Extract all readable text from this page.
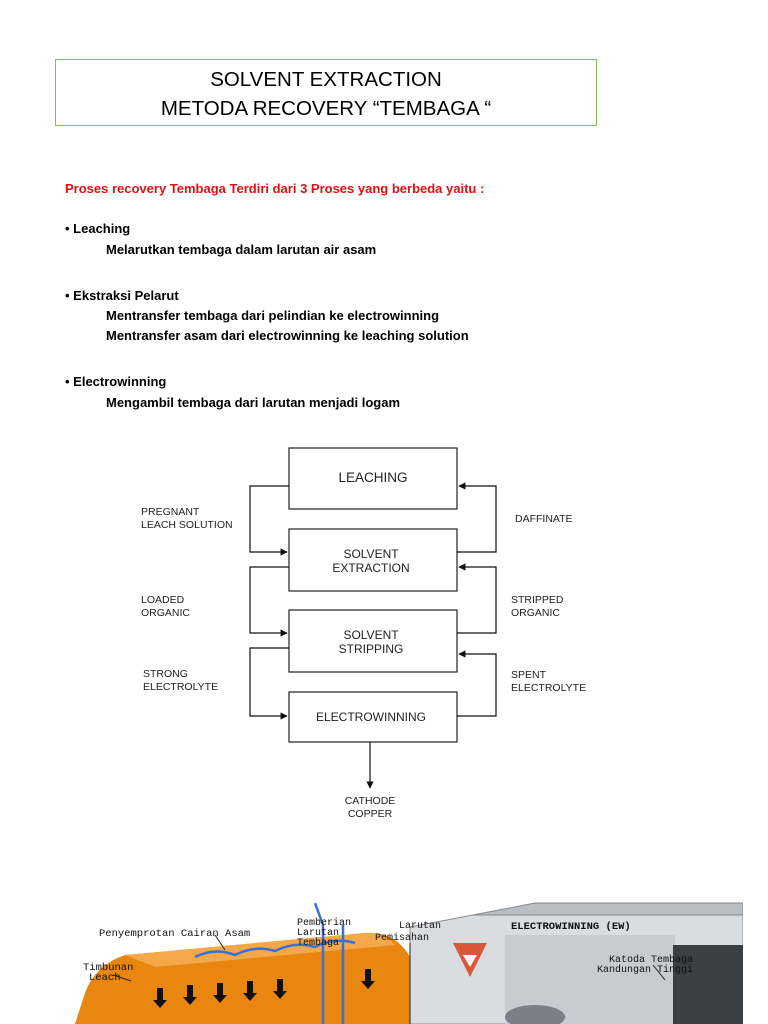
SOLVENT EXTRACTION
METODA RECOVERY “TEMBAGA “
Proses recovery Tembaga Terdiri dari 3 Proses yang berbeda yaitu :
• Leaching
Melarutkan tembaga dalam larutan air asam
• Ekstraksi Pelarut
Mentransfer tembaga dari pelindian ke electrowinning
Mentransfer asam dari electrowinning ke leaching solution
• Electrowinning
Mengambil tembaga dari larutan menjadi logam
LEACHING
SOLVENT
EXTRACTION
SOLVENT
STRIPPING
ELECTROWINNING
PREGNANT
LEACH SOLUTION
LOADED
ORGANIC
STRONG
ELECTROLYTE
DAFFINATE
STRIPPED
ORGANIC
SPENT
ELECTROLYTE
CATHODE
COPPER
Penyemprotan Cairan Asam
Pemberian
Larutan
Tembaga
Larutan
Pemisahan
Timbunan
Leach
ELECTROWINNING (EW)
Katoda Tembaga
Kandungan Tinggi
